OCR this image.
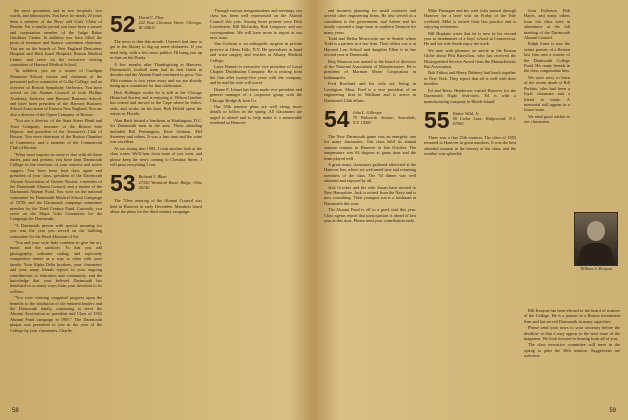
the most prominent and in two hospitals, two wards, and laboratories. You have for nearly 20 years been a member of the Boys' and Girls' Clubs of Boston. For a similar period you have been a trustee and corporation member of the Judge Baker Guidance Center. In addition you have filled the posts of treasurer and finance committee chairman. You are on the boards of New England Deaconess Hospital and Beth Israel Hospital, Boston Medical Center, and serve on the executive visiting committee of Harvard Medical School.

"In addition, you are a trustee of Cardigan Mountain School, trustee and chairman of the personnel policy committee of Colby College, and an overseer of Boston Symphony Orchestra. You have served on the Alumni Council of both Phillips Academy, Andover, and Harvard Business School, and have been president of the Harvard Business School Association of Eastern New England. You are also a director of the Opera Company of Boston.

"You are a director of the State Street Bank and Trust Company, treasurer of the Boston Safe Deposit, and president of the Treasurer's Club of Boston. You were chairman of the Boston Chamber of Commerce, and a member of the Commercial Club of Boston.

"What most inspires us most is that with all these duties, past and present, you have kept Dartmouth College in the forefront of your interest and active support. You have been lead class agent and president of your class, president of the Dartmouth Alumni Association of Greater Boston, a member of the Dartmouth Alumni Council, and a trustee of the Dartmouth Alumni Fund. You were on the national committee for Dartmouth Medical School Campaign of 1970s and the Dartmouth campaign committee member for the Third Century Fund. Currently, you serve on the Major Gifts Committee for the Campaign for Dartmouth.

"A Dartmouth person with special meaning for you was the year you served on the building committee for the Hood Museum of Art.

"You and your wife Judy combine to give the art, music and the outdoors. To that you add photography, saltwater sailing, and especially competitive tennis as a way to relax with your family. Your Alpha Delta brothers, your classmates and your many friends rejoice in your ongoing contributions to education and community, and the knowledge that your beloved Dartmouth has benefited in so many ways from your devotion to its welfare.

"You were winning congenial progress upon the benefits to the institution of the eminent leaders and the Dartmouth family, continuing to serve the Alumni Association as president and Class of 1952 Alumni Fund campaign in 1985." The Dartmouth plaque was presented to you in the year of the College by your classmates, Charlie.

52 David C. Flint
222 East Chestnut Street, Chicago, Ill. 60611

The news is thin this month. I haven't had time to get to the library to dig up some obituaries. If you need help, with a few more publics I'll bring you up to date on the Ducks.

A few months after Thanksgiving at Hanover, Dartmouth's football team had its best finish in decades and the Alumni Fund continued to grow. Our 35th reunion is two years away and we are already lining up a committee for that celebration.

Dick Hollinger writes he is still at the Chicago Historical Society and is enjoying it. Wilson Gardner has retired and moved to the Cape where he fishes, sails, and works on his boat. Bob Fifield spent the winter in Florida.

Alan Beck hosted a luncheon in Washington, D.C. for Dartmouth men in the area. Those attending included Bill Pennington, Dave Gelman, Mel Sweeney and others. It was a fine time and the wine was excellent.

As we swung into 1985, I took another look at the class roster. We'll hear from more of you soon, and please keep the news coming to Chestnut Street. I will print everything I can.

53 Richard J. Blum
27350 Westland Road, Ridge, Ohio 44140

The '53ers meeting of the Alumni Council was held in Hanover in early December. Members heard about the plans for the third century campaign.

Through various reorganizations and meetings, our class has been well represented on the Alumni Council this year. Among those present were Dick Lowenstein, Bill McCarthy, Bob Longacre, and our correspondent. We will have more to report in our next issue.

Van Cochran is an orthopedic surgeon in private practice at Glens Falls, N.Y. He specializes in hand and wrist surgery and teaches at Albany Medical College.

Larry Barnett is executive vice president of Local Chapter Distribution Company. He is retiring from the firm after twenty-five years with the company, and he and his wife will travel.

Deane F. Linnet has been made vice president and general manager of a corporate group with the Chicago Bridge & Iron Co.

Our 35th reunion plans are well along; more details to follow in the spring. All classmates are urged to attend and to help make it a memorable weekend in Hanover.

58

and business planning for small contracts and several other engineering firms. He also served as a consultant to the government, and Arlene and his family operated a large farm in southern Vermont for many years.

Todd and Helen Moscowitz are in Seattle where Todd is a partner in a law firm. Their oldest son is at Harvard Law School and daughter Ellen is in her second year at Dartmouth.

Brig Marmon was named to the board of directors of the National Association of Manufacturers. He is president of Marmon Motor Corporation in Indianapolis.

Fred Rowland and his wife are living in Lexington, Mass. Fred is a vice president of an engineering firm in Waltham and is active in Dartmouth Club affairs.

54 John L. Gillespie
79 Walworth Avenue, Scarsdale, N.Y. 10583

The New Dartmouth game was an energetic one for many classmates. Our class held its annual autumn reunion in Hanover in late October. The temperature was 64 degrees at game time and the team played well.

A great many classmates gathered afterward at the Hanover Inn, where we welcomed new and returning members of the class. The '54 dinner was well attended and enjoyed by all.

Jack Crocker and his wife Susan have moved to New Hampshire. Jack is retired from the Navy and is now consulting. Their youngest son is a freshman at Dartmouth this year.

The Alumni Fund is off to a good start this year. Class agents report that participation is ahead of last year at this time. Please send your contribution early.

Mike Finnegan and his wife Julia passed through Hanover for a brief visit on Friday of the Yale weekend. Mike is retired from law practice and is enjoying retirement.

Bill Hopkins wrote that he is now in his second year as headmaster of a boys' school in Connecticut. He and his wife Sarah enjoy the work.

We note with pleasure an article in the Boston Globe about Phil Knowlton, who has received the Distinguished Service Award from the Massachusetts Bar Association.

Bob Fulton and Henry Delaney had lunch together in New York. They report that all is well with their families.

Ed and Betsy Henderson visited Hanover for the Dartmouth Night festivities. Ed is with a manufacturing company in Rhode Island.

55 Walter Wild, Jr.
90 Cedar Lane, Ridgewood, N.J. 07450

There was a fine 25th reunion. The class of 1955 returned to Hanover in great numbers. It was the best attended reunion in the history of the class, and the weather was splendid.

Joan Fullerton, Bob Hayes, and many others from our class were in attendance at the fall meeting of the Dartmouth Alumni Council.

Ralph Jones is now the senior partner of a Boston law firm and a trustee of the Dartmouth College Fund. His many friends in the class congratulate him.

We were sorry to learn of the recent death of Bill Perkins, who had been a loyal classmate and a friend to many. A memorial will appear in a future issue.

We send good wishes to our classmates.

Bill Kenyon has been elected to the board of trustees of the College. He is a partner in a Boston investment firm and has served Dartmouth in many capacities.

Please send your news to your secretary before the deadline so that it may appear in the next issue of the magazine. We look forward to hearing from all of you.

The class executive committee will meet in the spring to plan the 30th reunion. Suggestions are welcome.

William S. Kenyon
59
